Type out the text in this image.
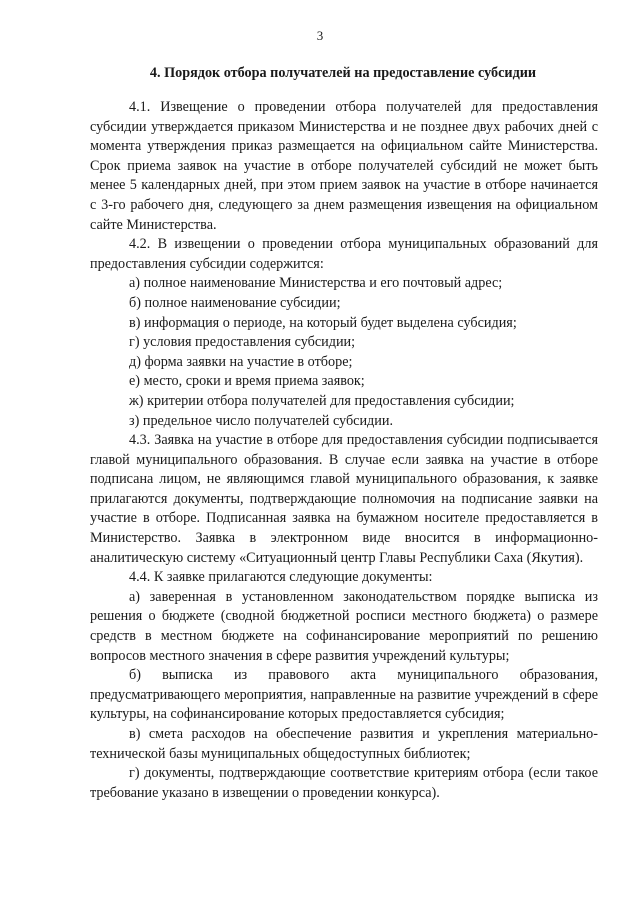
3
4. Порядок отбора получателей на предоставление субсидии

4.1. Извещение о проведении отбора получателей для предоставления субсидии утверждается приказом Министерства и не позднее двух рабочих дней с момента утверждения приказ размещается на официальном сайте Министерства. Срок приема заявок на участие в отборе получателей субсидий не может быть менее 5 календарных дней, при этом прием заявок на участие в отборе начинается с 3-го рабочего дня, следующего за днем размещения извещения на официальном сайте Министерства.

4.2. В извещении о проведении отбора муниципальных образований для предоставления субсидии содержится:

а) полное наименование Министерства и его почтовый адрес;

б) полное наименование субсидии;

в) информация о периоде, на который будет выделена субсидия;

г) условия предоставления субсидии;

д) форма заявки на участие в отборе;

е) место, сроки и время приема заявок;

ж) критерии отбора получателей для предоставления субсидии;

з) предельное число получателей субсидии.

4.3. Заявка на участие в отборе для предоставления субсидии подписывается главой муниципального образования. В случае если заявка на участие в отборе подписана лицом, не являющимся главой муниципального образования, к заявке прилагаются документы, подтверждающие полномочия на подписание заявки на участие в отборе. Подписанная заявка на бумажном носителе предоставляется в Министерство. Заявка в электронном виде вносится в информационно-аналитическую систему «Ситуационный центр Главы Республики Саха (Якутия).

4.4. К заявке прилагаются следующие документы:

а) заверенная в установленном законодательством порядке выписка из решения о бюджете (сводной бюджетной росписи местного бюджета) о размере средств в местном бюджете на софинансирование мероприятий по решению вопросов местного значения в сфере развития учреждений культуры;

б) выписка из правового акта муниципального образования, предусматривающего мероприятия, направленные на развитие учреждений в сфере культуры, на софинансирование которых предоставляется субсидия;

в) смета расходов на обеспечение развития и укрепления материально-технической базы муниципальных общедоступных библиотек;

г) документы, подтверждающие соответствие критериям отбора (если такое требование указано в извещении о проведении конкурса).
